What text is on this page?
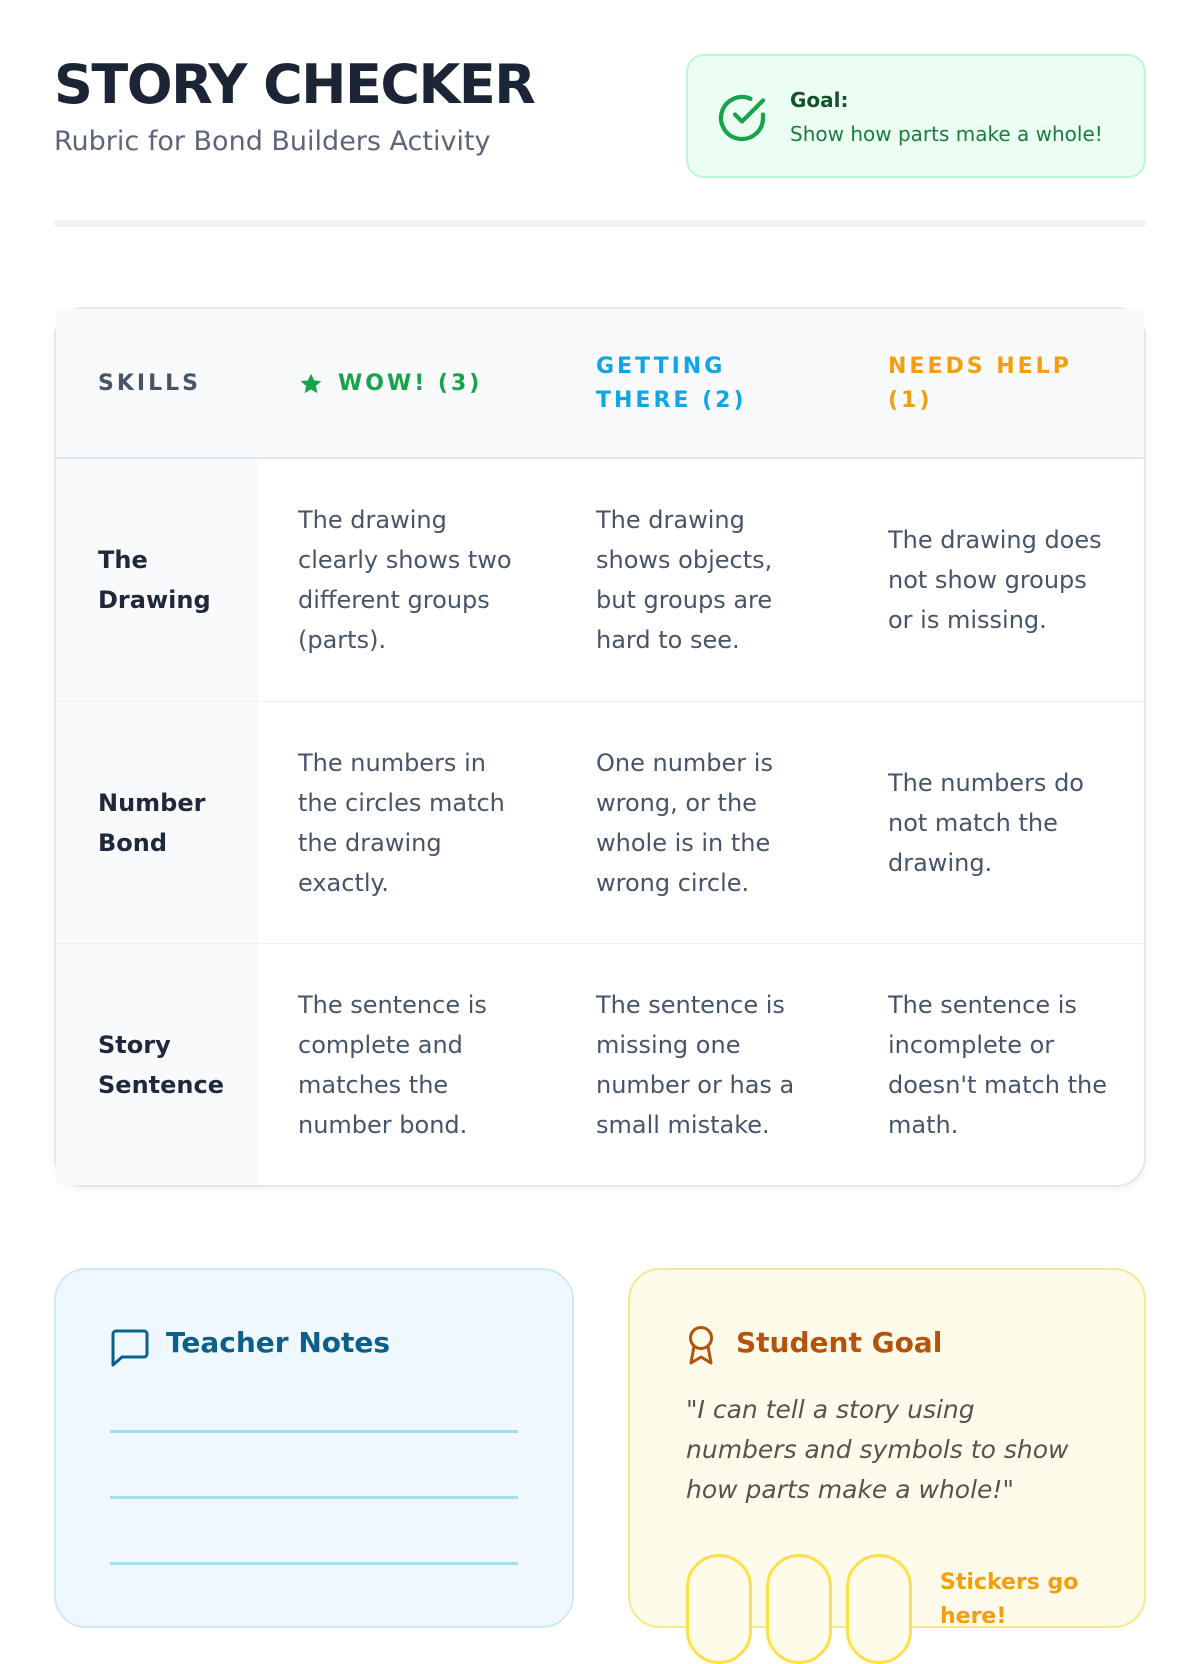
STORY CHECKER
Rubric for Bond Builders Activity
Goal:
Show how parts make a whole!
SKILLS	WOW! (3)
GETTING THERE (2)
NEEDS HELP (1)
The Drawing
The drawing clearly shows two different groups (parts).
The drawing shows objects, but groups are hard to see.
The drawing does not show groups or is missing.
Number Bond
The numbers in the circles match the drawing exactly.
One number is wrong, or the whole is in the wrong circle.
The numbers do not match the drawing.
Story Sentence
The sentence is complete and matches the number bond.
The sentence is missing one number or has a small mistake.
The sentence is incomplete or doesn't match the math.
Teacher Notes	Student Goal
"I can tell a story using numbers and symbols to show how parts make a whole!"
Stickers go here!
